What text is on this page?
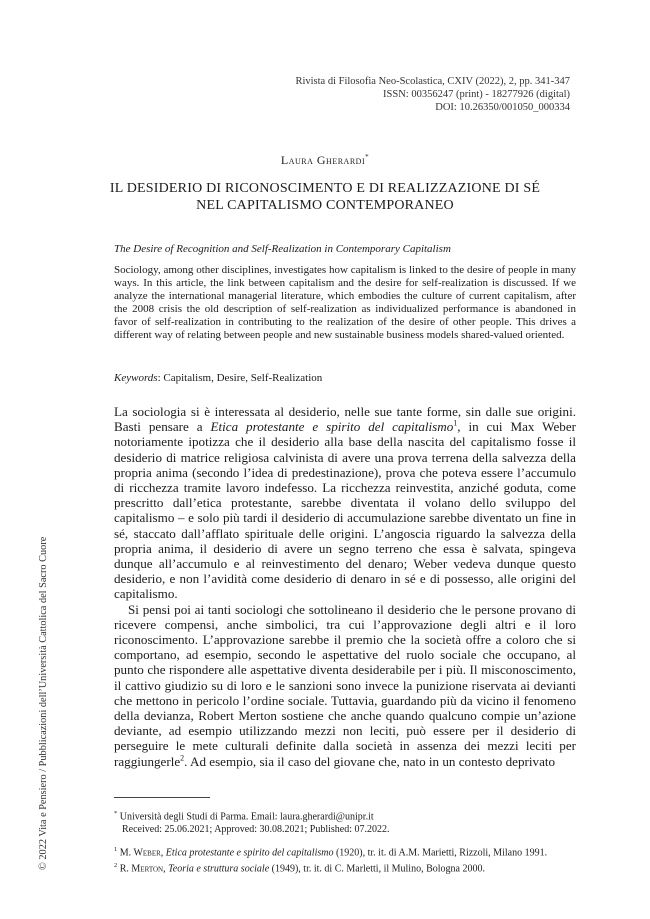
Rivista di Filosofia Neo-Scolastica, CXIV (2022), 2, pp. 341-347
ISSN: 00356247 (print) - 18277926 (digital)
DOI: 10.26350/001050_000334
Laura Gherardi*
IL DESIDERIO DI RICONOSCIMENTO E DI REALIZZAZIONE DI SÉ
NEL CAPITALISMO CONTEMPORANEO
The Desire of Recognition and Self-Realization in Contemporary Capitalism
Sociology, among other disciplines, investigates how capitalism is linked to the desire of people in many ways. In this article, the link between capitalism and the desire for self-realization is discussed. If we analyze the international managerial literature, which embodies the culture of current capitalism, after the 2008 crisis the old description of self-realization as individualized performance is abandoned in favor of self-realization in contributing to the realization of the desire of other people. This drives a different way of relating between people and new sustainable business models shared-valued oriented.
Keywords: Capitalism, Desire, Self-Realization

La sociologia si è interessata al desiderio, nelle sue tante forme, sin dalle sue origini. Basti pensare a Etica protestante e spirito del capitalismo$^1$, in cui Max Weber notoriamente ipotizza che il desiderio alla base della nascita del capitalismo fosse il desiderio di matrice religiosa calvinista di avere una prova terrena della salvezza della propria anima (secondo l’idea di predestinazione), prova che poteva essere l’accumulo di ricchezza tramite lavoro indefesso. La ricchezza reinvestita, anziché goduta, come prescritto dall’etica protestante, sarebbe diventata il volano dello sviluppo del capitalismo – e solo più tardi il desiderio di accumulazione sarebbe diventato un fine in sé, staccato dall’afflato spirituale delle origini. L’angoscia riguardo la salvezza della propria anima, il desiderio di avere un segno terreno che essa è salvata, spingeva dunque all’accumulo e al reinvestimento del denaro; Weber vedeva dunque questo desiderio, e non l’avidità come desiderio di denaro in sé e di possesso, alle origini del capitalismo.

Si pensi poi ai tanti sociologi che sottolineano il desiderio che le persone provano di ricevere compensi, anche simbolici, tra cui l’approvazione degli altri e il loro riconoscimento. L’approvazione sarebbe il premio che la società offre a coloro che si comportano, ad esempio, secondo le aspettative del ruolo sociale che occupano, al punto che rispondere alle aspettative diventa desiderabile per i più. Il misconoscimento, il cattivo giudizio su di loro e le sanzioni sono invece la punizione riservata ai devianti che mettono in pericolo l’ordine sociale. Tuttavia, guardando più da vicino il fenomeno della devianza, Robert Merton sostiene che anche quando qualcuno compie un’azione deviante, ad esempio utilizzando mezzi non leciti, può essere per il desiderio di perseguire le mete culturali definite dalla società in assenza dei mezzi leciti per raggiungerle$^2$. Ad esempio, sia il caso del giovane che, nato in un contesto deprivato

* Università degli Studi di Parma. Email: laura.gherardi@unipr.it
Received: 25.06.2021; Approved: 30.08.2021; Published: 07.2022.
$^1$ M. Weber, Etica protestante e spirito del capitalismo (1920), tr. it. di A.M. Marietti, Rizzoli, Milano 1991.
$^2$ R. Merton, Teoria e struttura sociale (1949), tr. it. di C. Marletti, il Mulino, Bologna 2000.
© 2022 Vita e Pensiero / Pubblicazioni dell’Università Cattolica del Sacro Cuore
